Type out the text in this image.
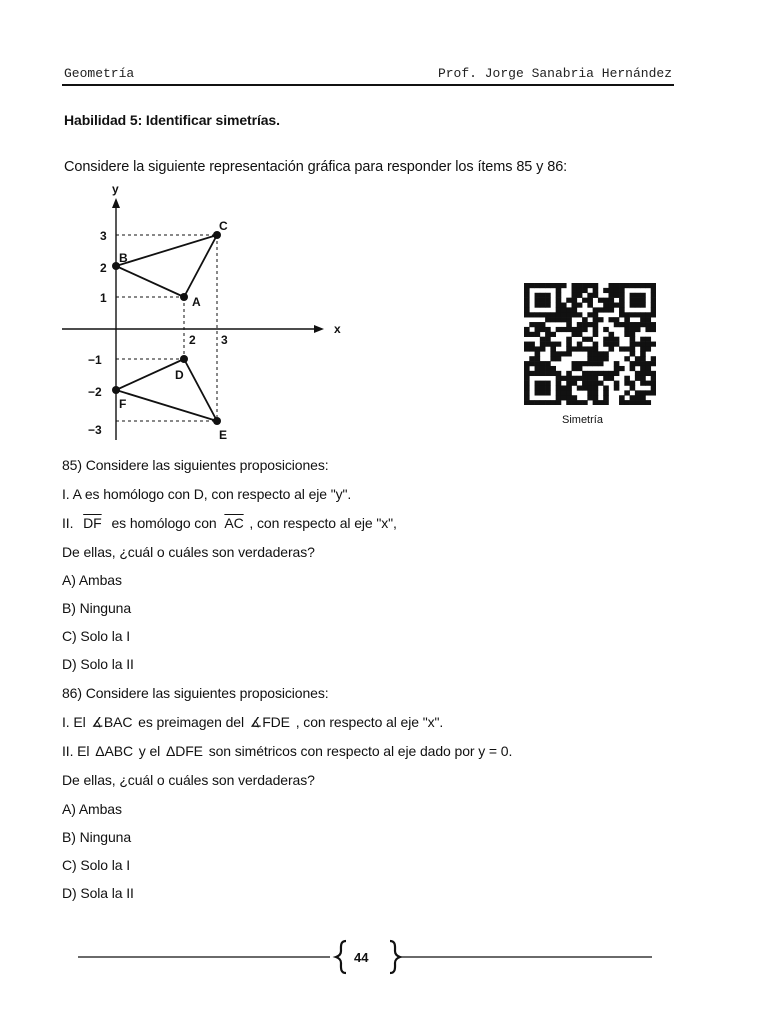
Geometría	Prof. Jorge Sanabria Hernández
Habilidad 5: Identificar simetrías.
Considere la siguiente representación gráfica para responder los ítems 85 y 86:
x
y
3
2
1
−1
−2
−3
2 3
A
B
C
D
E
F
Simetría
85) Considere las siguientes proposiciones:
I. A es homólogo con D, con respecto al eje "y".
II. $\overline{DF}$ es homólogo con $\overline{AC}$ , con respecto al eje "x",
De ellas, ¿cuál o cuáles son verdaderas?
A) Ambas
B) Ninguna
C) Solo la I
D) Solo la II
86) Considere las siguientes proposiciones:
I. El ∡BAC es preimagen del ∡FDE , con respecto al eje "x".
II. El ΔABC y el ΔDFE son simétricos con respecto al eje dado por y = 0.
De ellas, ¿cuál o cuáles son verdaderas?
A) Ambas
B) Ninguna
C) Solo la I
D) Sola la II
44
